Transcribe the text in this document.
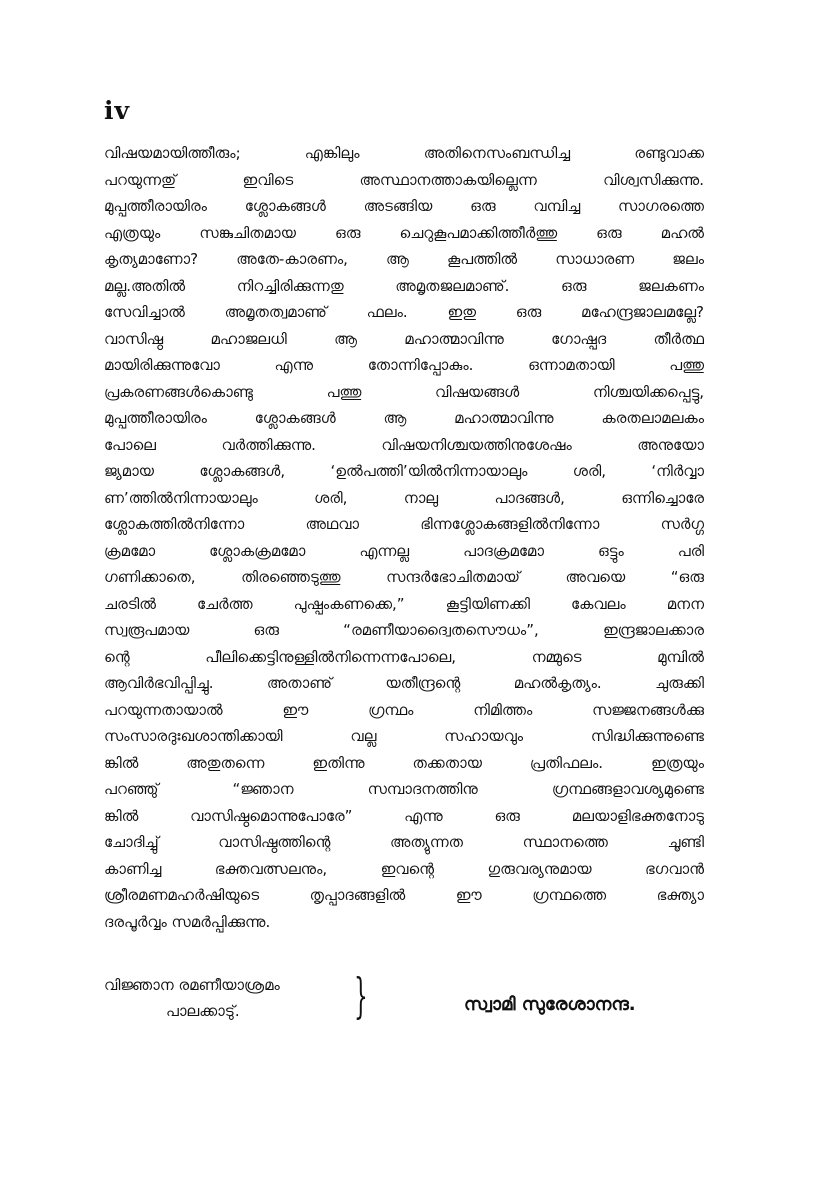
iv
വിഷയമായിത്തീരും; എങ്കിലും അതിനെസംബന്ധിച്ച രണ്ടുവാക്ക
പറയുന്നതു് ഇവിടെ അസ്ഥാനത്താകയില്ലെന്ന വിശ്വസിക്കുന്നു.
മുപ്പത്തീരായിരം ശ്ലോകങ്ങൾ അടങ്ങിയ ഒരു വമ്പിച്ച സാഗരത്തെ
എത്രയും സങ്കുചിതമായ ഒരു ചെറുകൂപമാക്കിത്തീർത്തു ഒരു മഹൽ
കൃത്യമാണോ? അതേ-കാരണം, ആ കൂപത്തിൽ സാധാരണ ജലം
മല്ല.അതിൽ നിറച്ചിരിക്കുന്നതു അമൃതജലമാണു്. ഒരു ജലകണം
സേവിച്ചാൽ അമൃതത്വമാണു് ഫലം. ഇതു ഒരു മഹേന്ദ്രജാലമല്ലേ?
വാസിഷ്ഠ മഹാജലധി ആ മഹാത്മാവിന്നു ഗോഷ്പദ തീർത്ഥ
മായിരിക്കുന്നുവോ എന്നു തോന്നിപ്പോകും. ഒന്നാമതായി പത്തു
പ്രകരണങ്ങൾകൊണ്ടു പത്തു വിഷയങ്ങൾ നിശ്ചയിക്കപ്പെട്ടു,
മുപ്പത്തീരായിരം ശ്ലോകങ്ങൾ ആ മഹാത്മാവിന്നു കരതലാമലകം
പോലെ വർത്തിക്കുന്നു. വിഷയനിശ്ചയത്തിനുശേഷം അനുയോ
ജ്യമായ ശ്ലോകങ്ങൾ, ‘ഉൽപത്തി’യിൽനിന്നായാലും ശരി, ‘നിർവ്വാ
ണ’ത്തിൽനിന്നായാലും ശരി, നാലു പാദങ്ങൾ, ഒന്നിച്ചൊരേ
ശ്ലോകത്തിൽനിന്നോ അഥവാ ഭിന്നശ്ലോകങ്ങളിൽനിന്നോ സർഗ്ഗ
ക്രമമോ ശ്ലോകക്രമമോ എന്നല്ല പാദക്രമമോ ഒട്ടും പരി
ഗണിക്കാതെ, തിരഞ്ഞെടുത്തു സന്ദർഭോചിതമായ് അവയെ “ഒരു
ചരടിൽ ചേർത്ത പുഷ്പംകണക്കെ,” കൂട്ടിയിണക്കി കേവലം മനന
സ്വരൂപമായ ഒരു “രമണീയാദ്വൈതസൌധം”, ഇന്ദ്രജാലക്കാര
ന്റെ പീലിക്കെട്ടിനുള്ളിൽനിന്നെന്നപോലെ, നമ്മുടെ മുമ്പിൽ
ആവിർഭവിപ്പിച്ചു. അതാണു് യതീന്ദ്രന്റെ മഹൽകൃത്യം. ചുരുക്കി
പറയുന്നതായാൽ ഈ ഗ്രന്ഥം നിമിത്തം സജ്ജനങ്ങൾക്കു
സംസാരദുഃഖശാന്തിക്കായി വല്ല സഹായവും സിദ്ധിക്കുന്നുണ്ടെ
ങ്കിൽ അതുതന്നെ ഇതിന്നു തക്കതായ പ്രതിഫലം. ഇത്രയും
പറഞ്ഞു് “ജ്ഞാന സമ്പാദനത്തിനു ഗ്രന്ഥങ്ങളാവശ്യമുണ്ടെ
ങ്കിൽ വാസിഷ്ഠമൊന്നുപോരേ” എന്നു ഒരു മലയാളിഭക്തനോടു
ചോദിച്ചു് വാസിഷ്ഠത്തിന്റെ അത്യുന്നത സ്ഥാനത്തെ ചൂണ്ടി
കാണിച്ച ഭക്തവത്സലനും, ഇവന്റെ ഗുരുവര്യനുമായ ഭഗവാൻ
ശ്രീരമണമഹർഷിയുടെ തൃപ്പാദങ്ങളിൽ ഈ ഗ്രന്ഥത്തെ ഭക്ത്യാ
ദരപൂർവ്വം സമർപ്പിക്കുന്നു.
വിജ്ഞാന രമണീയാശ്രമം
പാലക്കാടു്.	}	സ്വാമി സുരേശാനന്ദ.
